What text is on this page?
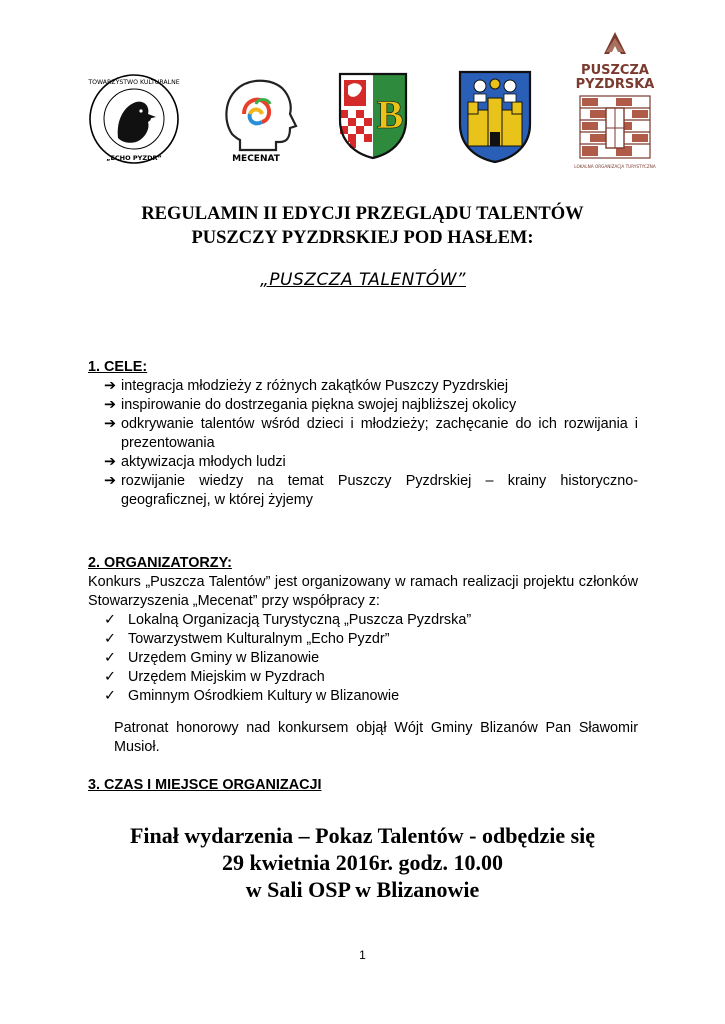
TOWARZYSTWO KULTURALNE
„ECHO PYZDR”	MECENAT
B
PUSZCZA
PYZDRSKA
LOKALNA ORGANIZACJA TURYSTYCZNA
REGULAMIN II EDYCJI PRZEGLĄDU TALENTÓW
PUSZCZY PYZDRSKIEJ POD HASŁEM:
„PUSZCZA TALENTÓW”
1. CELE:
➔ integracja młodzieży z różnych zakątków Puszczy Pyzdrskiej
➔ inspirowanie do dostrzegania piękna swojej najbliższej okolicy
➔ odkrywanie talentów wśród dzieci i młodzieży; zachęcanie do ich rozwijania i prezentowania
➔ aktywizacja młodych ludzi
➔ rozwijanie wiedzy na temat Puszczy Pyzdrskiej – krainy historyczno-geograficznej, w której żyjemy
2. ORGANIZATORZY:
Konkurs „Puszcza Talentów” jest organizowany w ramach realizacji projektu członków Stowarzyszenia „Mecenat” przy współpracy z:
✓ Lokalną Organizacją Turystyczną „Puszcza Pyzdrska”
✓ Towarzystwem Kulturalnym „Echo Pyzdr”
✓ Urzędem Gminy w Blizanowie
✓ Urzędem Miejskim w Pyzdrach
✓ Gminnym Ośrodkiem Kultury w Blizanowie
Patronat honorowy nad konkursem objął Wójt Gminy Blizanów Pan Sławomir Musioł.
3. CZAS I MIEJSCE ORGANIZACJI
Finał wydarzenia – Pokaz Talentów - odbędzie się
29 kwietnia 2016r. godz. 10.00
w Sali OSP w Blizanowie
1
